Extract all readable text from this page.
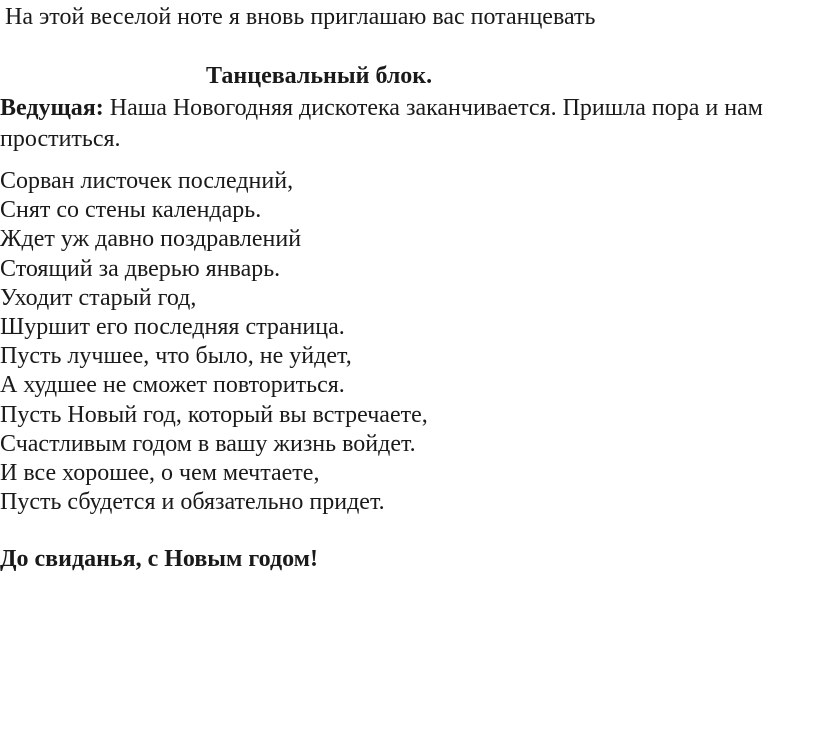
На этой веселой ноте я вновь приглашаю вас потанцевать
Танцевальный блок.
Ведущая: Наша Новогодняя дискотека заканчивается. Пришла пора и нам проститься.
Сорван листочек последний,
Снят со стены календарь.
Ждет уж давно поздравлений
Стоящий за дверью январь.
Уходит старый год,
Шуршит его последняя страница.
Пусть лучшее, что было, не уйдет,
А худшее не сможет повториться.
Пусть Новый год, который вы встречаете,
Счастливым годом в вашу жизнь войдет.
И все хорошее, о чем мечтаете,
Пусть сбудется и обязательно придет.
До свиданья, с Новым годом!
